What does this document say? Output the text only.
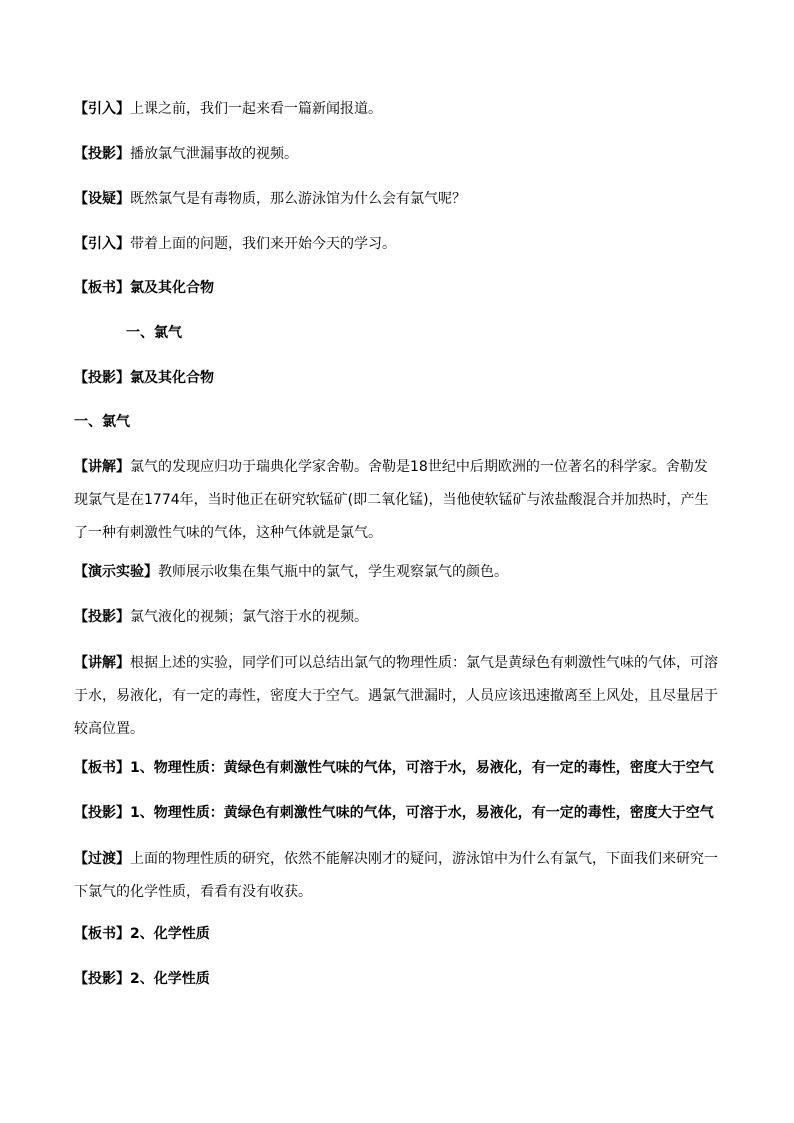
【引入】上课之前，我们一起来看一篇新闻报道。

【投影】播放氯气泄漏事故的视频。

【设疑】既然氯气是有毒物质，那么游泳馆为什么会有氯气呢？

【引入】带着上面的问题，我们来开始今天的学习。

【板书】氯及其化合物

一、氯气

【投影】氯及其化合物

一、氯气

【讲解】氯气的发现应归功于瑞典化学家舍勒。舍勒是18世纪中后期欧洲的一位著名的科学家。舍勒发现氯气是在1774年，当时他正在研究软锰矿(即二氧化锰)，当他使软锰矿与浓盐酸混合并加热时，产生了一种有刺激性气味的气体，这种气体就是氯气。

【演示实验】教师展示收集在集气瓶中的氯气，学生观察氯气的颜色。

【投影】氯气液化的视频；氯气溶于水的视频。

【讲解】根据上述的实验，同学们可以总结出氯气的物理性质：氯气是黄绿色有刺激性气味的气体，可溶于水，易液化，有一定的毒性，密度大于空气。遇氯气泄漏时，人员应该迅速撤离至上风处，且尽量居于较高位置。

【板书】1、物理性质：黄绿色有刺激性气味的气体，可溶于水，易液化，有一定的毒性，密度大于空气

【投影】1、物理性质：黄绿色有刺激性气味的气体，可溶于水，易液化，有一定的毒性，密度大于空气

【过渡】上面的物理性质的研究，依然不能解决刚才的疑问，游泳馆中为什么有氯气，下面我们来研究一下氯气的化学性质，看看有没有收获。

【板书】2、化学性质

【投影】2、化学性质
